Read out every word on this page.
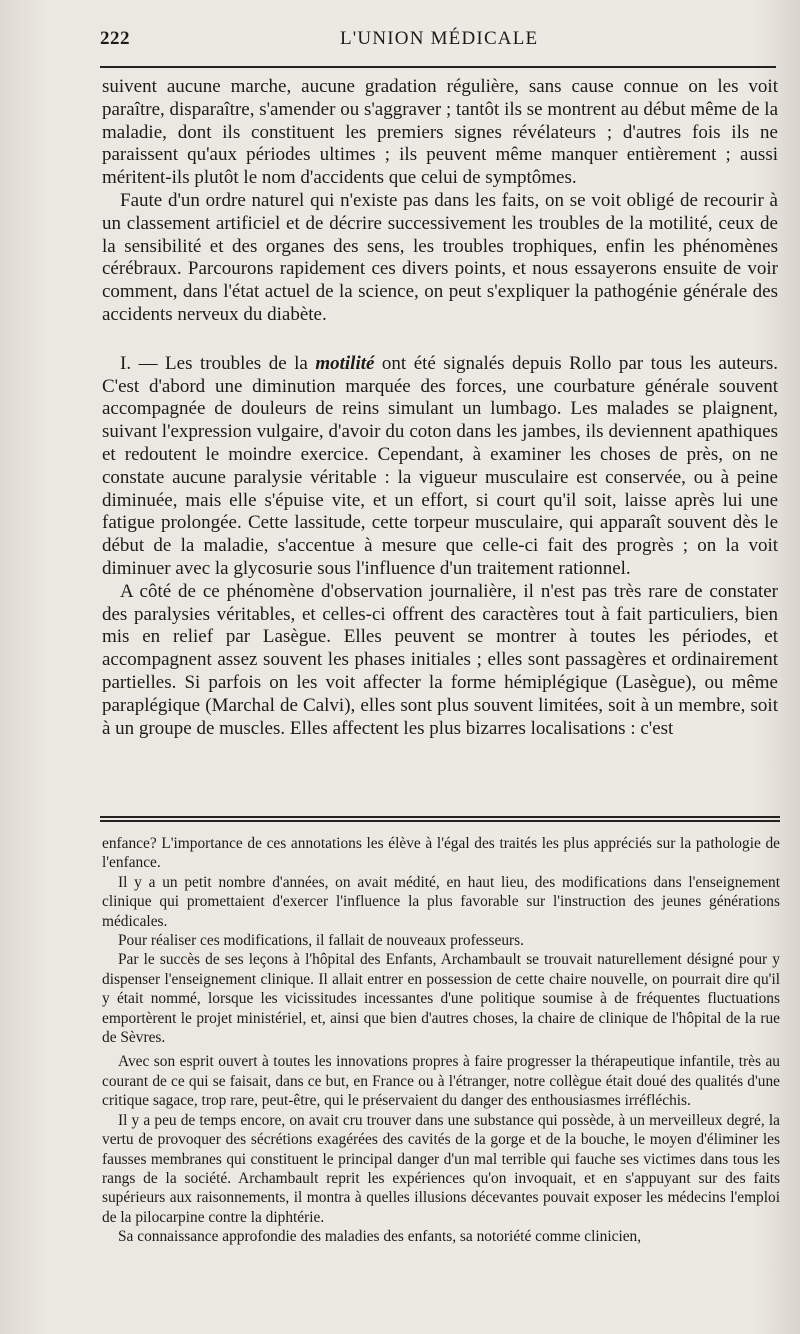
222	L'UNION MÉDICALE

suivent aucune marche, aucune gradation régulière, sans cause connue on les voit paraître, disparaître, s'amender ou s'aggraver ; tantôt ils se montrent au début même de la maladie, dont ils constituent les premiers signes révélateurs ; d'autres fois ils ne paraissent qu'aux périodes ultimes ; ils peuvent même manquer entièrement ; aussi méritent-ils plutôt le nom d'accidents que celui de symptômes.

Faute d'un ordre naturel qui n'existe pas dans les faits, on se voit obligé de recourir à un classement artificiel et de décrire successivement les troubles de la motilité, ceux de la sensibilité et des organes des sens, les troubles trophiques, enfin les phénomènes cérébraux. Parcourons rapidement ces divers points, et nous essayerons ensuite de voir comment, dans l'état actuel de la science, on peut s'expliquer la pathogénie générale des accidents nerveux du diabète.

I. — Les troubles de la motilité ont été signalés depuis Rollo par tous les auteurs. C'est d'abord une diminution marquée des forces, une courbature générale souvent accompagnée de douleurs de reins simulant un lumbago. Les malades se plaignent, suivant l'expression vulgaire, d'avoir du coton dans les jambes, ils deviennent apathiques et redoutent le moindre exercice. Cependant, à examiner les choses de près, on ne constate aucune paralysie véritable : la vigueur musculaire est conservée, ou à peine diminuée, mais elle s'épuise vite, et un effort, si court qu'il soit, laisse après lui une fatigue prolongée. Cette lassitude, cette torpeur musculaire, qui apparaît souvent dès le début de la maladie, s'accentue à mesure que celle-ci fait des progrès ; on la voit diminuer avec la glycosurie sous l'influence d'un traitement rationnel.

A côté de ce phénomène d'observation journalière, il n'est pas très rare de constater des paralysies véritables, et celles-ci offrent des caractères tout à fait particuliers, bien mis en relief par Lasègue. Elles peuvent se montrer à toutes les périodes, et accompagnent assez souvent les phases initiales ; elles sont passagères et ordinairement partielles. Si parfois on les voit affecter la forme hémiplégique (Lasègue), ou même paraplégique (Marchal de Calvi), elles sont plus souvent limitées, soit à un membre, soit à un groupe de muscles. Elles affectent les plus bizarres localisations : c'est

enfance? L'importance de ces annotations les élève à l'égal des traités les plus appréciés sur la pathologie de l'enfance.

Il y a un petit nombre d'années, on avait médité, en haut lieu, des modifications dans l'enseignement clinique qui promettaient d'exercer l'influence la plus favorable sur l'instruction des jeunes générations médicales.

Pour réaliser ces modifications, il fallait de nouveaux professeurs.

Par le succès de ses leçons à l'hôpital des Enfants, Archambault se trouvait naturellement désigné pour y dispenser l'enseignement clinique. Il allait entrer en possession de cette chaire nouvelle, on pourrait dire qu'il y était nommé, lorsque les vicissitudes incessantes d'une politique soumise à de fréquentes fluctuations emportèrent le projet ministériel, et, ainsi que bien d'autres choses, la chaire de clinique de l'hôpital de la rue de Sèvres.

Avec son esprit ouvert à toutes les innovations propres à faire progresser la thérapeutique infantile, très au courant de ce qui se faisait, dans ce but, en France ou à l'étranger, notre collègue était doué des qualités d'une critique sagace, trop rare, peut-être, qui le préservaient du danger des enthousiasmes irréfléchis.

Il y a peu de temps encore, on avait cru trouver dans une substance qui possède, à un merveilleux degré, la vertu de provoquer des sécrétions exagérées des cavités de la gorge et de la bouche, le moyen d'éliminer les fausses membranes qui constituent le principal danger d'un mal terrible qui fauche ses victimes dans tous les rangs de la société. Archambault reprit les expériences qu'on invoquait, et en s'appuyant sur des faits supérieurs aux raisonnements, il montra à quelles illusions décevantes pouvait exposer les médecins l'emploi de la pilocarpine contre la diphtérie.

Sa connaissance approfondie des maladies des enfants, sa notoriété comme clinicien,
